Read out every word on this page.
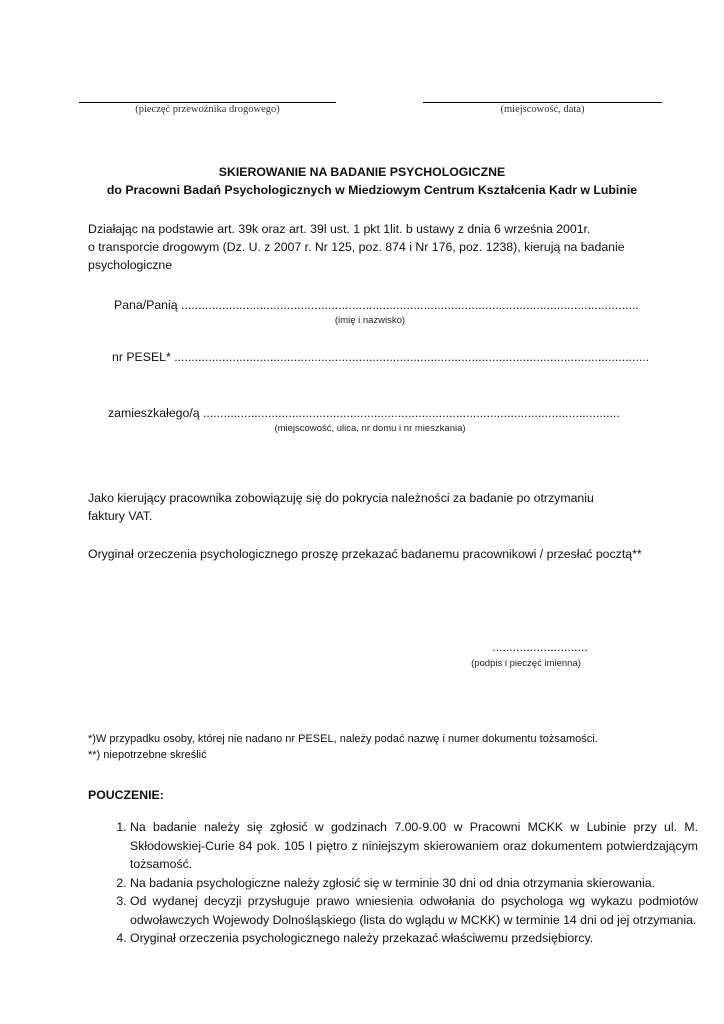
(pieczęć przewoźnika drogowego)	(miejscowość, data)
SKIEROWANIE NA BADANIE PSYCHOLOGICZNE
do Pracowni Badań Psychologicznych w Miedziowym Centrum Kształcenia Kadr w Lubinie
Działając na podstawie art. 39k oraz art. 39l ust. 1 pkt 1lit. b ustawy z dnia 6 września 2001r.
o transporcie drogowym (Dz. U. z 2007 r. Nr 125, poz. 874 i Nr 176, poz. 1238), kierują na badanie
psychologiczne
Pana/Panią ......................................................................................................................................
(imię i nazwisko)
nr PESEL* ...........................................................................................................................................
zamieszkałego/ą ..........................................................................................................................
(miejscowość, ulica, nr domu i nr mieszkania)
Jako kierujący pracownika zobowiązuję się do pokrycia należności za badanie po otrzymaniu
faktury VAT.
Oryginał orzeczenia psychologicznego proszę przekazać badanemu pracownikowi / przesłać pocztą**
............................
(podpis i pieczęć imienna)
*)W przypadku osoby, której nie nadano nr PESEL, należy podać nazwę i numer dokumentu tożsamości.
**) niepotrzebne skreślić
POUCZENIE:
1. Na badanie należy się zgłosić w godzinach 7.00-9.00 w Pracowni MCKK w Lubinie przy ul. M. Skłodowskiej-Curie 84 pok. 105 I piętro z niniejszym skierowaniem oraz dokumentem potwierdzającym tożsamość.
2. Na badania psychologiczne należy zgłosić się w terminie 30 dni od dnia otrzymania skierowania.
3. Od wydanej decyzji przysługuje prawo wniesienia odwołania do psychologa wg wykazu podmiotów odwoławczych Wojewody Dolnośląskiego (lista do wglądu w MCKK) w terminie 14 dni od jej otrzymania.
4. Oryginał orzeczenia psychologicznego należy przekazać właściwemu przedsiębiorcy.
